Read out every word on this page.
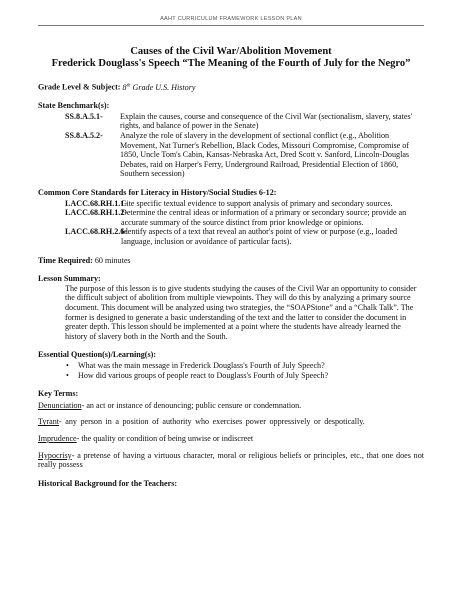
AAHT CURRICULUM FRAMEWORK LESSON PLAN
Causes of the Civil War/Abolition Movement
Frederick Douglass's Speech “The Meaning of the Fourth of July for the Negro”
Grade Level & Subject: 8th Grade U.S. History
State Benchmark(s):
SS.8.A.5.1-	Explain the causes, course and consequence of the Civil War (sectionalism, slavery, states' rights, and balance of power in the Senate)
SS.8.A.5.2-	Analyze the role of slavery in the development of sectional conflict (e.g., Abolition Movement, Nat Turner's Rebellion, Black Codes, Missouri Compromise, Compromise of 1850, Uncle Tom's Cabin, Kansas-Nebraska Act, Dred Scott v. Sanford, Lincoln-Douglas Debates, raid on Harper's Ferry, Underground Railroad, Presidential Election of 1860, Southern secession)
Common Core Standards for Literacy in History/Social Studies 6-12:
LACC.68.RH.1.1-
Cite specific textual evidence to support analysis of primary and secondary sources.
LACC.68.RH.1.2-
Determine the central ideas or information of a primary or secondary source; provide an accurate summary of the source distinct from prior knowledge or opinions.
LACC.68.RH.2.6-
Identify aspects of a text that reveal an author's point of view or purpose (e.g., loaded language, inclusion or avoidance of particular facts).
Time Required: 60 minutes
Lesson Summary:
The purpose of this lesson is to give students studying the causes of the Civil War an opportunity to consider the difficult subject of abolition from multiple viewpoints. They will do this by analyzing a primary source document. This document will be analyzed using two strategies, the “SOAPStone” and a “Chalk Talk”. The former is designed to generate a basic understanding of the text and the latter to consider the document in greater depth. This lesson should be implemented at a point where the students have already learned the history of slavery both in the North and the South.
Essential Question(s)/Learning(s):
• What was the main message in Frederick Douglass's Fourth of July Speech?
• How did various groups of people react to Douglass's Fourth of July Speech?
Key Terms:
Denunciation- an act or instance of denouncing; public censure or condemnation.
Tyrant- any person in a position of authority who exercises power oppressively or despotically.
Imprudence- the quality or condition of being unwise or indiscreet
Hypocrisy- a pretense of having a virtuous character, moral or religious beliefs or principles, etc., that one does not really possess
Historical Background for the Teachers:
